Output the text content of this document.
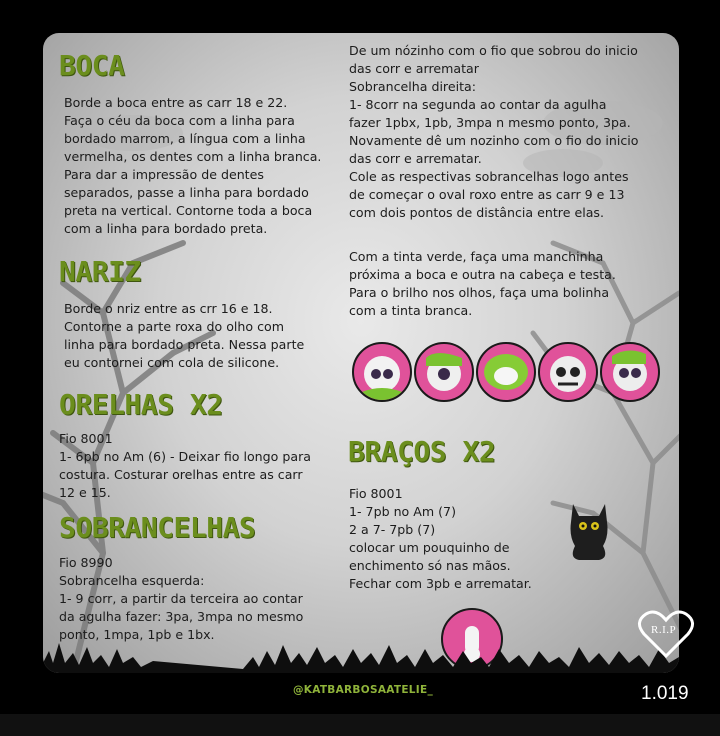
BOCA

Borde a boca entre as carr 18 e 22.
Faça o céu da boca com a linha para
bordado marrom, a língua com a linha
vermelha, os dentes com a linha branca.
Para dar a impressão de dentes
separados, passe a linha para bordado
preta na vertical. Contorne toda a boca
com a linha para bordado preta.

NARIZ

Borde o nriz entre as crr 16 e 18.
Contorne a parte roxa do olho com
linha para bordado preta. Nessa parte
eu contornei com cola de silicone.

ORELHAS X2

Fio 8001
1- 6pb no Am (6) - Deixar fio longo para
costura. Costurar orelhas entre as carr
12 e 15.

SOBRANCELHAS

Fio 8990
Sobrancelha esquerda:
1- 9 corr, a partir da terceira ao contar
da agulha fazer: 3pa, 3mpa no mesmo
ponto, 1mpa, 1pb e 1bx.

De um nózinho com o fio que sobrou do inicio
das corr e arrematar
Sobrancelha direita:
1- 8corr na segunda ao contar da agulha
fazer 1pbx, 1pb, 3mpa n mesmo ponto, 3pa.
Novamente dê um nozinho com o fio do inicio
das corr e arrematar.
Cole as respectivas sobrancelhas logo antes
de começar o oval roxo entre as carr 9 e 13
com dois pontos de distância entre elas.

Com a tinta verde, faça uma manchinha
próxima a boca e outra na cabeça e testa.
Para o brilho nos olhos, faça uma bolinha
com a tinta branca.

BRAÇOS X2

Fio 8001
1- 7pb no Am (7)
2 a 7- 7pb (7)
colocar um pouquinho de
enchimento só nas mãos.
Fechar com 3pb e arrematar.

@KATBARBOSAATELIE_
R.I.P
1.019
